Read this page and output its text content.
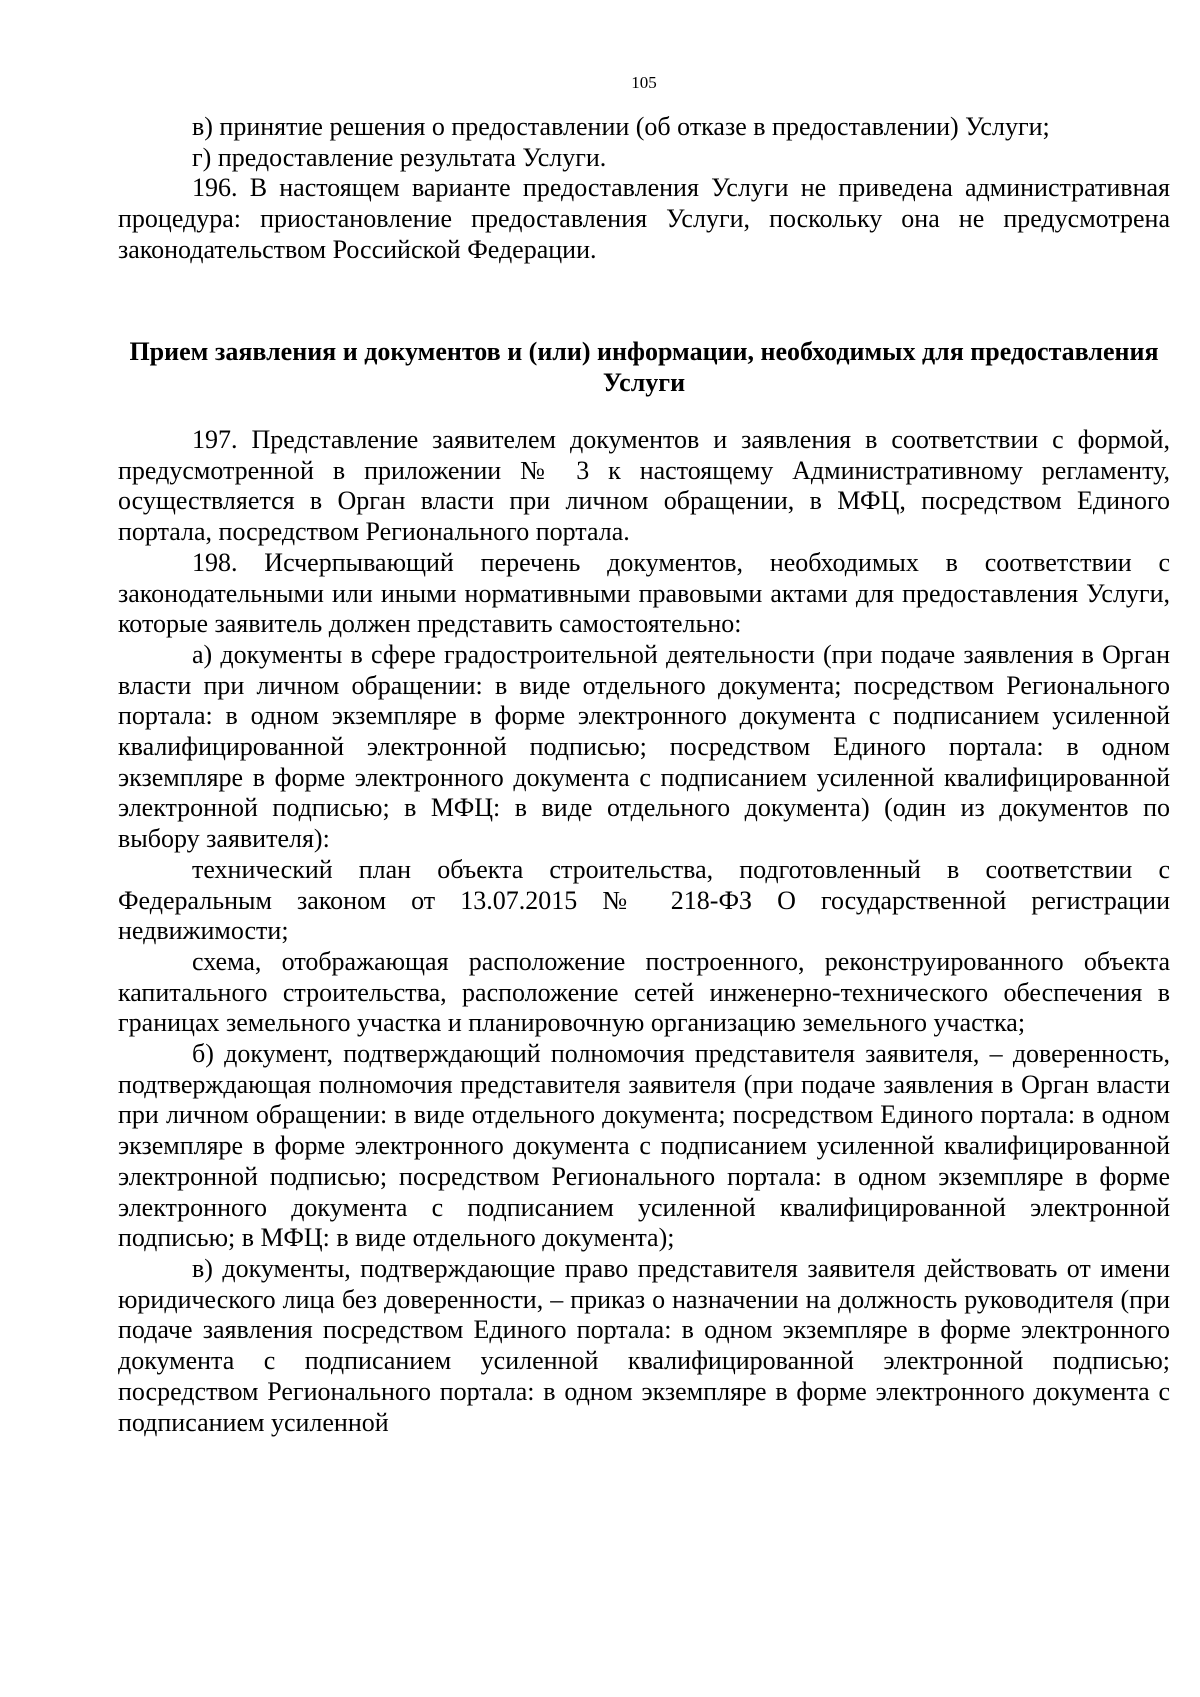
105

в) принятие решения о предоставлении (об отказе в предоставлении) Услуги;

г) предоставление результата Услуги.

196. В настоящем варианте предоставления Услуги не приведена административная процедура: приостановление предоставления Услуги, поскольку она не предусмотрена законодательством Российской Федерации.

Прием заявления и документов и (или) информации, необходимых для предоставления Услуги

197. Представление заявителем документов и заявления в соответствии с формой, предусмотренной в приложении № 3 к настоящему Административному регламенту, осуществляется в Орган власти при личном обращении, в МФЦ, посредством Единого портала, посредством Регионального портала.

198. Исчерпывающий перечень документов, необходимых в соответствии с законодательными или иными нормативными правовыми актами для предоставления Услуги, которые заявитель должен представить самостоятельно:

а) документы в сфере градостроительной деятельности (при подаче заявления в Орган власти при личном обращении: в виде отдельного документа; посредством Регионального портала: в одном экземпляре в форме электронного документа с подписанием усиленной квалифицированной электронной подписью; посредством Единого портала: в одном экземпляре в форме электронного документа с подписанием усиленной квалифицированной электронной подписью; в МФЦ: в виде отдельного документа) (один из документов по выбору заявителя):

технический план объекта строительства, подготовленный в соответствии с Федеральным законом от 13.07.2015 № 218-ФЗ О государственной регистрации недвижимости;

схема, отображающая расположение построенного, реконструированного объекта капитального строительства, расположение сетей инженерно-технического обеспечения в границах земельного участка и планировочную организацию земельного участка;

б) документ, подтверждающий полномочия представителя заявителя, – доверенность, подтверждающая полномочия представителя заявителя (при подаче заявления в Орган власти при личном обращении: в виде отдельного документа; посредством Единого портала: в одном экземпляре в форме электронного документа с подписанием усиленной квалифицированной электронной подписью; посредством Регионального портала: в одном экземпляре в форме электронного документа с подписанием усиленной квалифицированной электронной подписью; в МФЦ: в виде отдельного документа);

в) документы, подтверждающие право представителя заявителя действовать от имени юридического лица без доверенности, – приказ о назначении на должность руководителя (при подаче заявления посредством Единого портала: в одном экземпляре в форме электронного документа с подписанием усиленной квалифицированной электронной подписью; посредством Регионального портала: в одном экземпляре в форме электронного документа с подписанием усиленной
